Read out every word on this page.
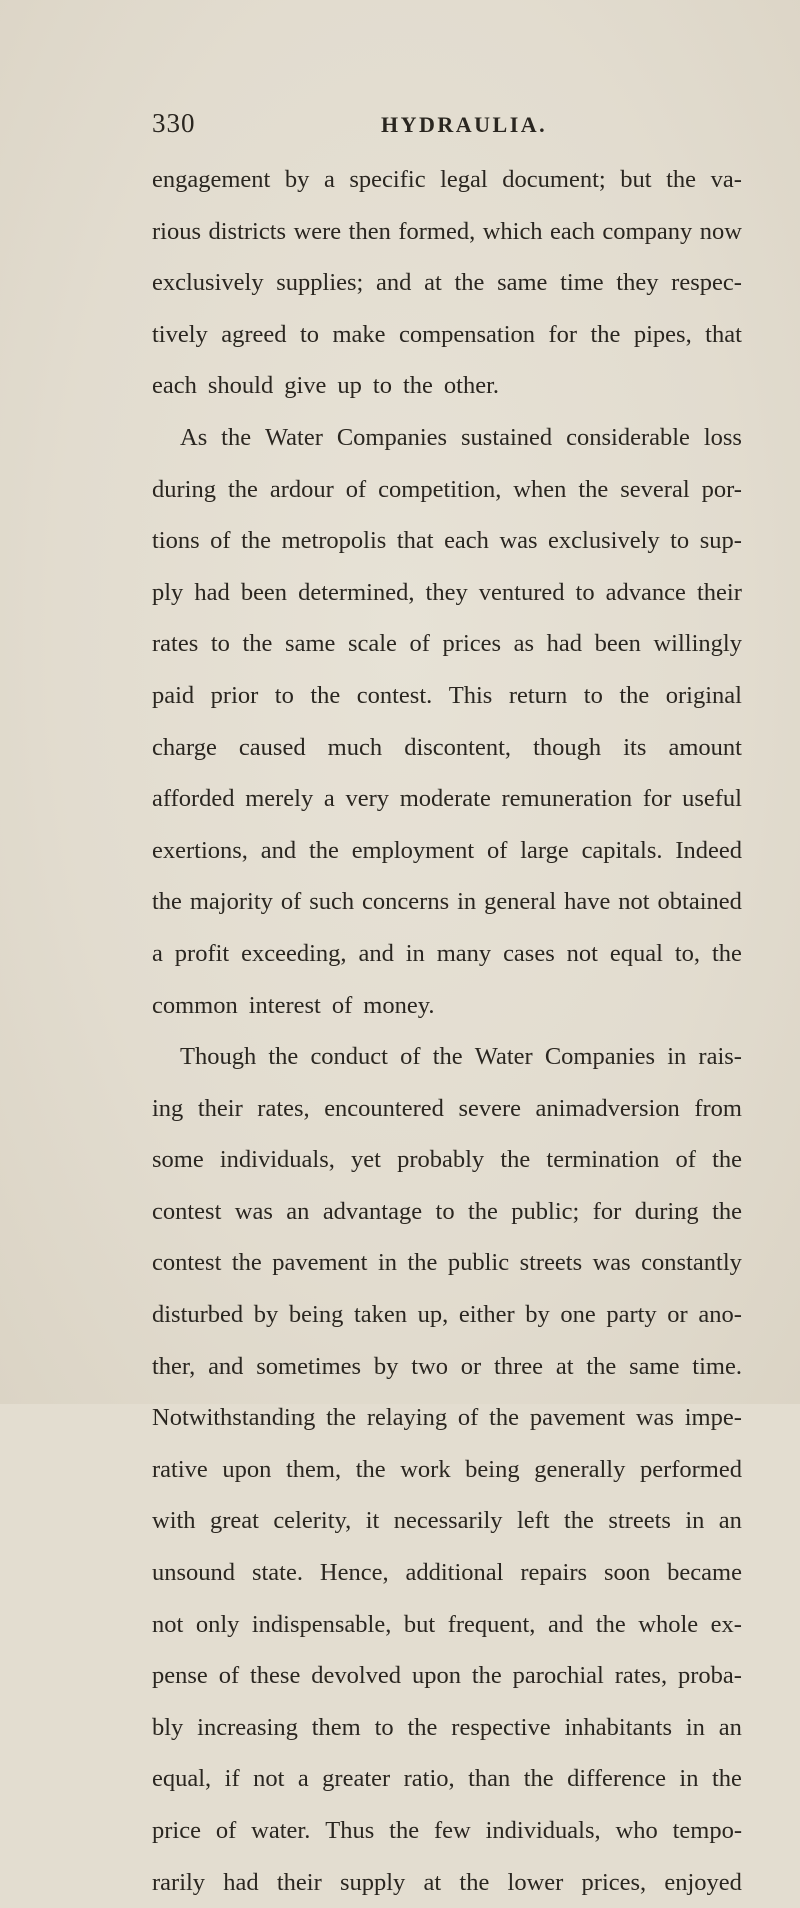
330	HYDRAULIA.
engagement by a specific legal document; but the va-
rious districts were then formed, which each company now
exclusively supplies; and at the same time they respec-
tively agreed to make compensation for the pipes, that
each should give up to the other.
As the Water Companies sustained considerable loss
during the ardour of competition, when the several por-
tions of the metropolis that each was exclusively to sup-
ply had been determined, they ventured to advance their
rates to the same scale of prices as had been willingly
paid prior to the contest. This return to the original
charge caused much discontent, though its amount
afforded merely a very moderate remuneration for useful
exertions, and the employment of large capitals. Indeed
the majority of such concerns in general have not obtained
a profit exceeding, and in many cases not equal to, the
common interest of money.
Though the conduct of the Water Companies in rais-
ing their rates, encountered severe animadversion from
some individuals, yet probably the termination of the
contest was an advantage to the public; for during the
contest the pavement in the public streets was constantly
disturbed by being taken up, either by one party or ano-
ther, and sometimes by two or three at the same time.
Notwithstanding the relaying of the pavement was impe-
rative upon them, the work being generally performed
with great celerity, it necessarily left the streets in an
unsound state. Hence, additional repairs soon became
not only indispensable, but frequent, and the whole ex-
pense of these devolved upon the parochial rates, proba-
bly increasing them to the respective inhabitants in an
equal, if not a greater ratio, than the difference in the
price of water. Thus the few individuals, who tempo-
rarily had their supply at the lower prices, enjoyed
